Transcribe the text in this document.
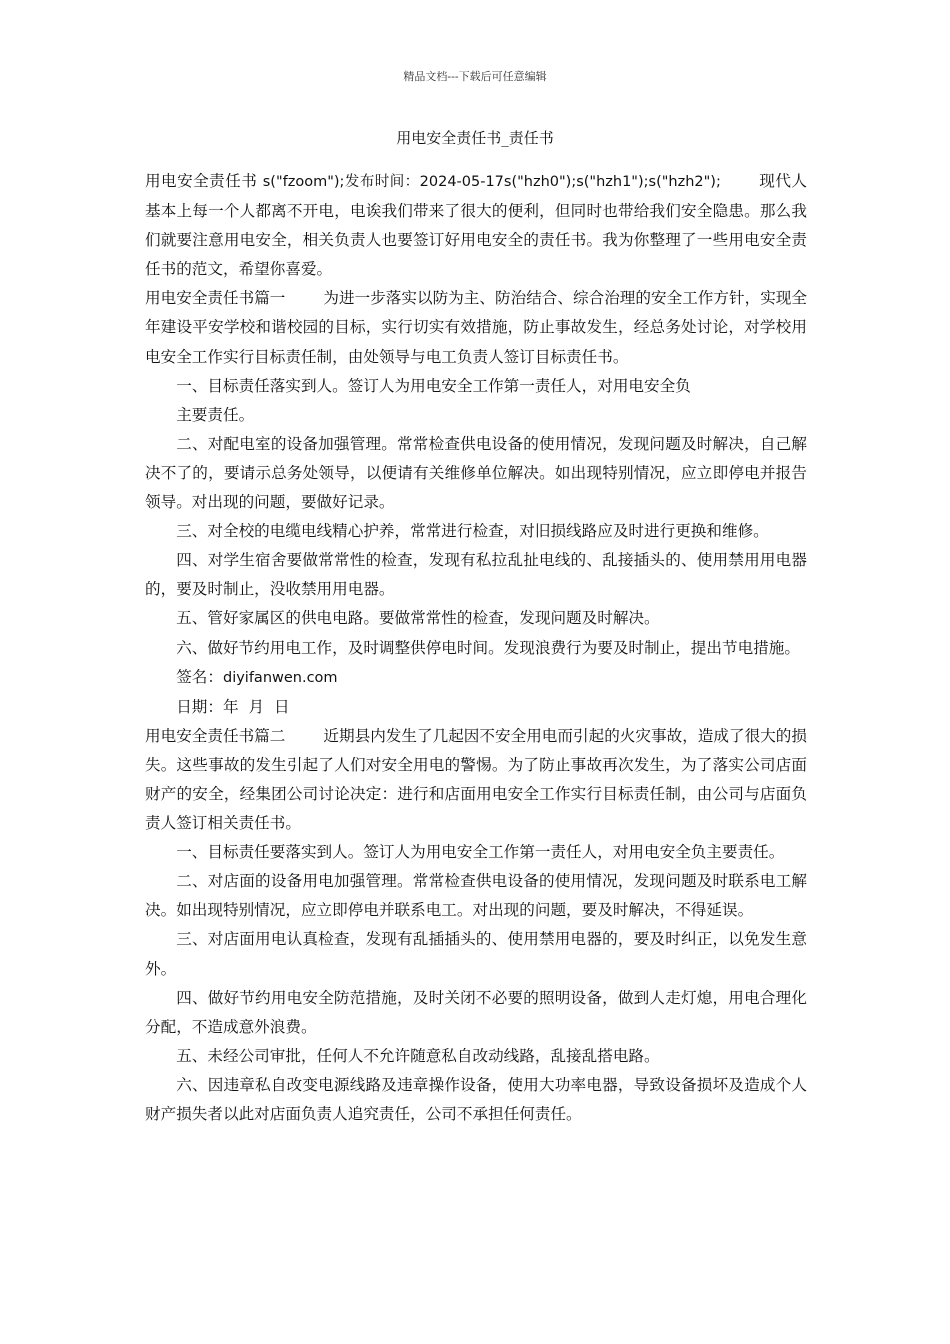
精品文档---下载后可任意编辑
用电安全责任书_责任书

用电安全责任书 s("fzoom");发布时间：2024-05-17s("hzh0");s("hzh1");s("hzh2"); 现代人基本上每一个人都离不开电，电诶我们带来了很大的便利，但同时也带给我们安全隐患。那么我们就要注意用电安全，相关负责人也要签订好用电安全的责任书。我为你整理了一些用电安全责任书的范文，希望你喜爱。

用电安全责任书篇一 为进一步落实以防为主、防治结合、综合治理的安全工作方针，实现全年建设平安学校和谐校园的目标，实行切实有效措施，防止事故发生，经总务处讨论，对学校用电安全工作实行目标责任制，由处领导与电工负责人签订目标责任书。

一、目标责任落实到人。签订人为用电安全工作第一责任人，对用电安全负

主要责任。

二、对配电室的设备加强管理。常常检查供电设备的使用情况，发现问题及时解决，自己解决不了的，要请示总务处领导，以便请有关维修单位解决。如出现特别情况，应立即停电并报告领导。对出现的问题，要做好记录。

三、对全校的电缆电线精心护养，常常进行检查，对旧损线路应及时进行更换和维修。

四、对学生宿舍要做常常性的检查，发现有私拉乱扯电线的、乱接插头的、使用禁用用电器的，要及时制止，没收禁用用电器。

五、管好家属区的供电电路。要做常常性的检查，发现问题及时解决。

六、做好节约用电工作，及时调整供停电时间。发现浪费行为要及时制止，提出节电措施。

签名：diyifanwen.com

日期：年  月  日

用电安全责任书篇二 近期县内发生了几起因不安全用电而引起的火灾事故，造成了很大的损失。这些事故的发生引起了人们对安全用电的警惕。为了防止事故再次发生，为了落实公司店面财产的安全，经集团公司讨论决定：进行和店面用电安全工作实行目标责任制，由公司与店面负责人签订相关责任书。

一、目标责任要落实到人。签订人为用电安全工作第一责任人，对用电安全负主要责任。

二、对店面的设备用电加强管理。常常检查供电设备的使用情况，发现问题及时联系电工解决。如出现特别情况，应立即停电并联系电工。对出现的问题，要及时解决，不得延误。

三、对店面用电认真检查，发现有乱插插头的、使用禁用电器的，要及时纠正，以免发生意外。

四、做好节约用电安全防范措施，及时关闭不必要的照明设备，做到人走灯熄，用电合理化分配，不造成意外浪费。

五、未经公司审批，任何人不允许随意私自改动线路，乱接乱搭电路。

六、因违章私自改变电源线路及违章操作设备，使用大功率电器，导致设备损坏及造成个人财产损失者以此对店面负责人追究责任，公司不承担任何责任。
